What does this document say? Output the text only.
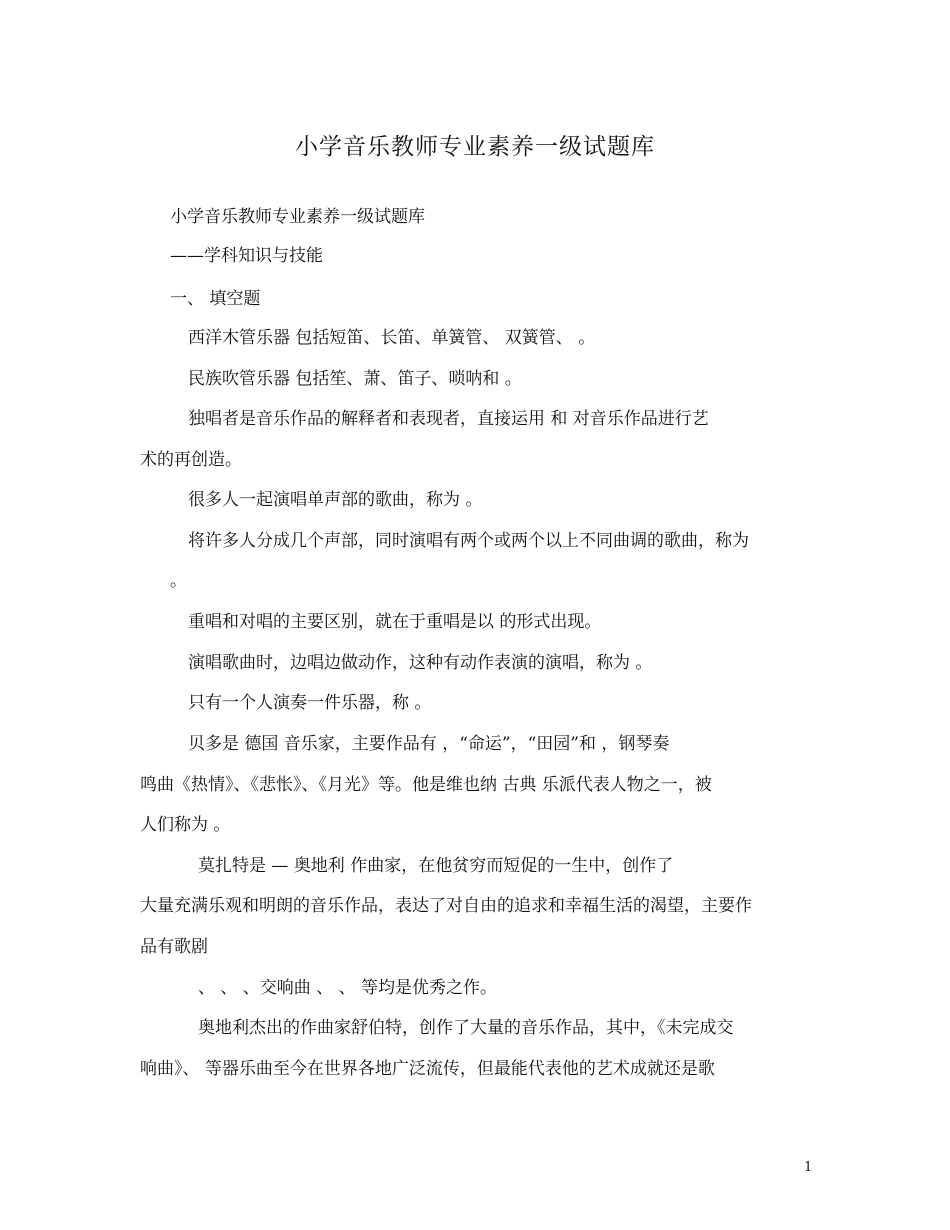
小学音乐教师专业素养一级试题库
小学音乐教师专业素养一级试题库
——学科知识与技能
一、 填空题
西洋木管乐器 包括短笛、长笛、单簧管、 双簧管、 。
民族吹管乐器 包括笙、萧、笛子、唢呐和 。
独唱者是音乐作品的解释者和表现者，直接运用 和 对音乐作品进行艺
术的再创造。
很多人一起演唱单声部的歌曲，称为 。
将许多人分成几个声部，同时演唱有两个或两个以上不同曲调的歌曲，称为
。
重唱和对唱的主要区别，就在于重唱是以 的形式出现。
演唱歌曲时，边唱边做动作，这种有动作表演的演唱，称为 。
只有一个人演奏一件乐器，称 。
贝多是 德国 音乐家，主要作品有 ，“命运”，“田园”和 ，钢琴奏
鸣曲《热情》、《悲怅》、《月光》等。他是维也纳 古典 乐派代表人物之一，被
人们称为 。
莫扎特是 — 奥地利 作曲家，在他贫穷而短促的一生中，创作了
大量充满乐观和明朗的音乐作品，表达了对自由的追求和幸福生活的渴望，主要作
品有歌剧
、 、 、交响曲 、 、 等均是优秀之作。
奥地利杰出的作曲家舒伯特，创作了大量的音乐作品，其中，《未完成交
响曲》、 等器乐曲至今在世界各地广泛流传，但最能代表他的艺术成就还是歌
1
